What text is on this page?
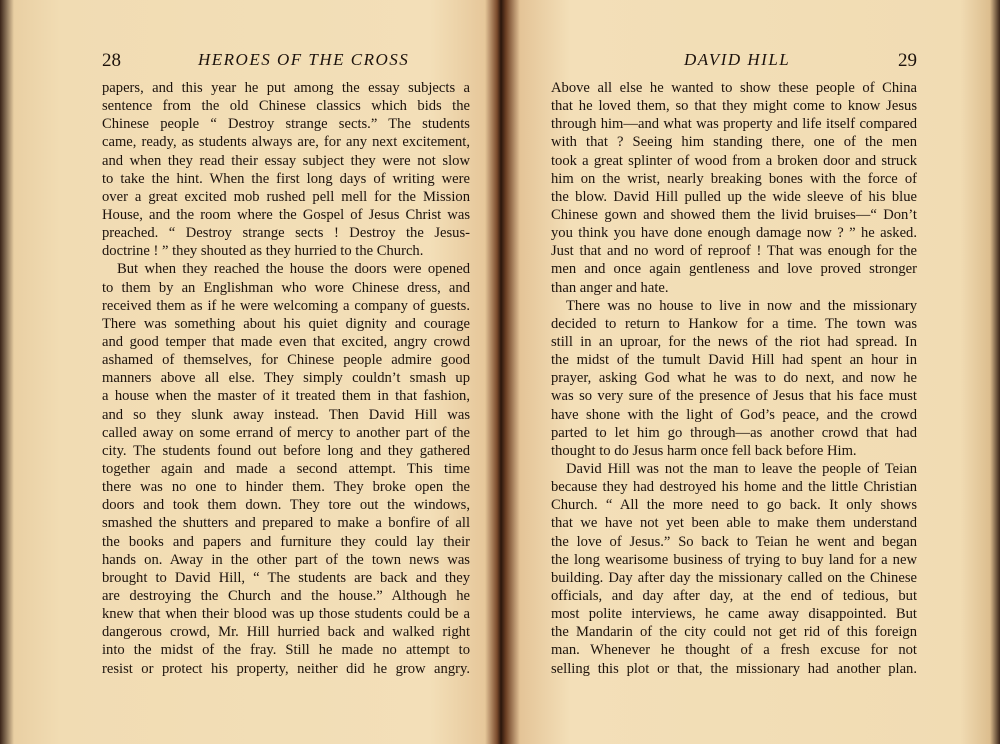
28	HEROES OF THE CROSS
papers, and this year he put among the essay subjects a
sentence from the old Chinese classics which bids the
Chinese people “ Destroy strange sects.” The students
came, ready, as students always are, for any next excitement,
and when they read their essay subject they were not slow
to take the hint. When the first long days of writing were
over a great excited mob rushed pell mell for the Mission
House, and the room where the Gospel of Jesus Christ was
preached. “ Destroy strange sects ! Destroy the Jesus-
doctrine ! ” they shouted as they hurried to the Church.
But when they reached the house the doors were opened
to them by an Englishman who wore Chinese dress, and
received them as if he were welcoming a company of guests.
There was something about his quiet dignity and courage
and good temper that made even that excited, angry crowd
ashamed of themselves, for Chinese people admire good
manners above all else. They simply couldn’t smash up
a house when the master of it treated them in that fashion,
and so they slunk away instead. Then David Hill was
called away on some errand of mercy to another part of the
city. The students found out before long and they gathered
together again and made a second attempt. This time
there was no one to hinder them. They broke open the
doors and took them down. They tore out the windows,
smashed the shutters and prepared to make a bonfire of all
the books and papers and furniture they could lay their
hands on. Away in the other part of the town news was
brought to David Hill, “ The students are back and they
are destroying the Church and the house.” Although he
knew that when their blood was up those students could be a
dangerous crowd, Mr. Hill hurried back and walked right
into the midst of the fray. Still he made no attempt to
resist or protect his property, neither did he grow angry.
DAVID HILL	29
Above all else he wanted to show these people of China
that he loved them, so that they might come to know Jesus
through him—and what was property and life itself compared
with that ? Seeing him standing there, one of the men
took a great splinter of wood from a broken door and struck
him on the wrist, nearly breaking bones with the force of
the blow. David Hill pulled up the wide sleeve of his blue
Chinese gown and showed them the livid bruises—“ Don’t
you think you have done enough damage now ? ” he asked.
Just that and no word of reproof ! That was enough for the
men and once again gentleness and love proved stronger
than anger and hate.
There was no house to live in now and the missionary
decided to return to Hankow for a time. The town was
still in an uproar, for the news of the riot had spread. In
the midst of the tumult David Hill had spent an hour in
prayer, asking God what he was to do next, and now he
was so very sure of the presence of Jesus that his face must
have shone with the light of God’s peace, and the crowd
parted to let him go through—as another crowd that had
thought to do Jesus harm once fell back before Him.
David Hill was not the man to leave the people of Teian
because they had destroyed his home and the little Christian
Church. “ All the more need to go back. It only shows
that we have not yet been able to make them understand
the love of Jesus.” So back to Teian he went and began
the long wearisome business of trying to buy land for a new
building. Day after day the missionary called on the Chinese
officials, and day after day, at the end of tedious, but
most polite interviews, he came away disappointed. But
the Mandarin of the city could not get rid of this foreign
man. Whenever he thought of a fresh excuse for not
selling this plot or that, the missionary had another plan.
